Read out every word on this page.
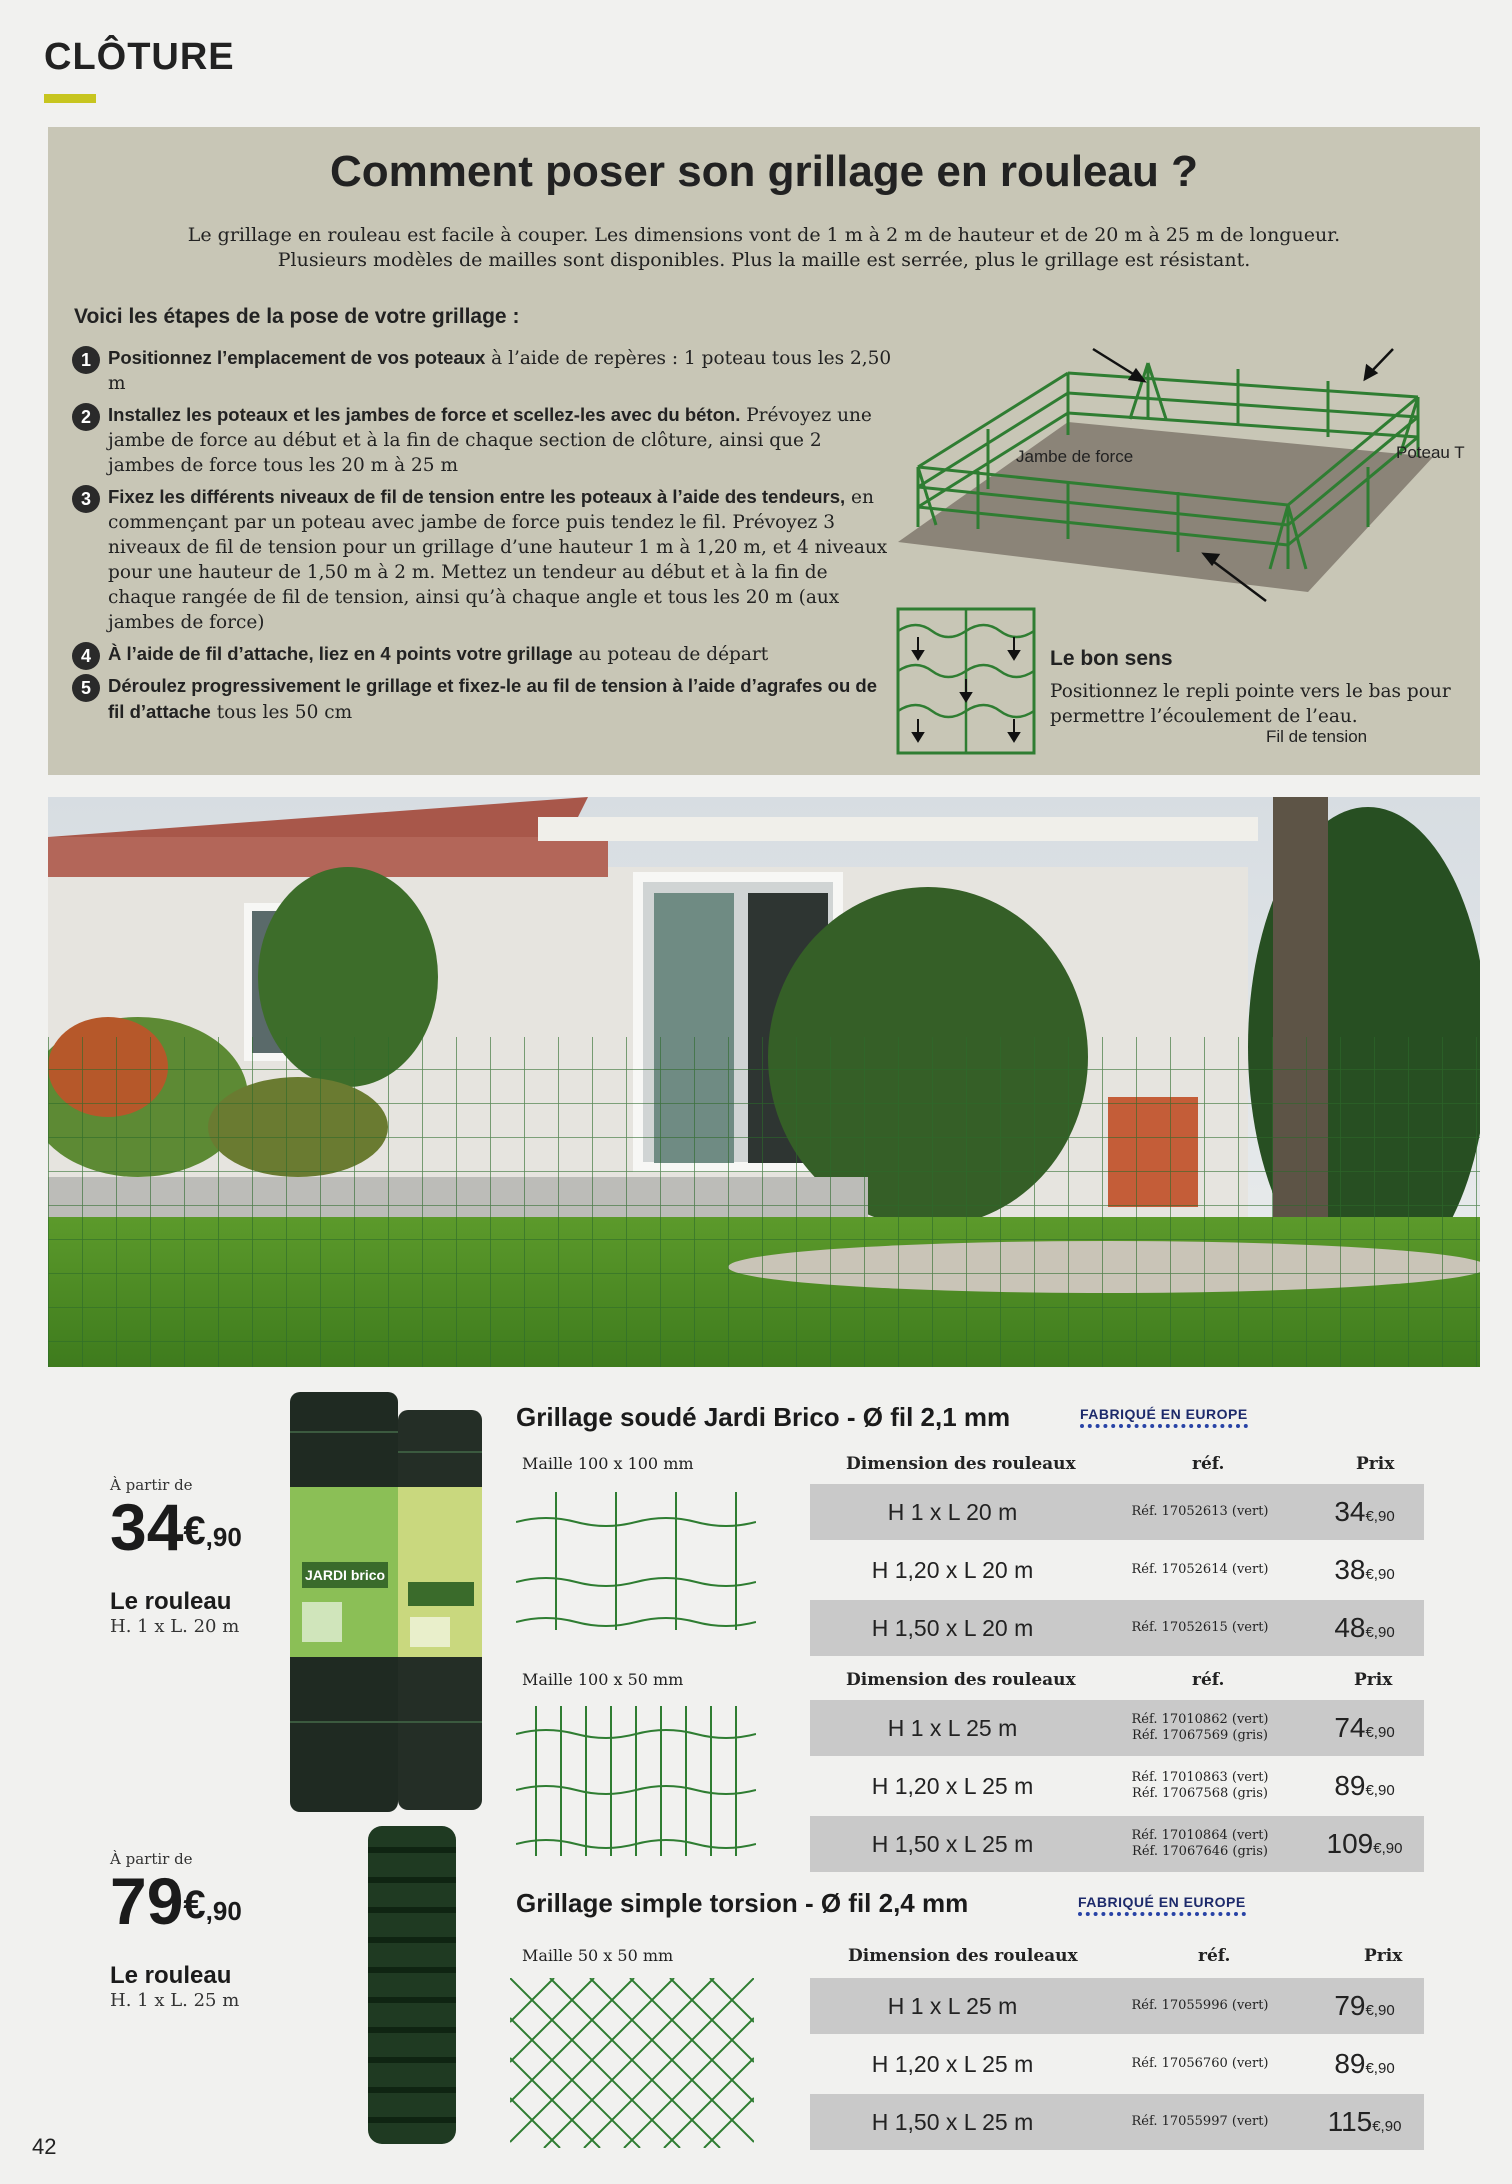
CLÔTURE
Comment poser son grillage en rouleau ?
Le grillage en rouleau est facile à couper. Les dimensions vont de 1 m à 2 m de hauteur et de 20 m à 25 m de longueur. Plusieurs modèles de mailles sont disponibles. Plus la maille est serrée, plus le grillage est résistant.
Voici les étapes de la pose de votre grillage :
1 Positionnez l’emplacement de vos poteaux à l’aide de repères : 1 poteau tous les 2,50 m
2 Installez les poteaux et les jambes de force et scellez-les avec du béton. Prévoyez une jambe de force au début et à la fin de chaque section de clôture, ainsi que 2 jambes de force tous les 20 m à 25 m
3 Fixez les différents niveaux de fil de tension entre les poteaux à l’aide des tendeurs, en commençant par un poteau avec jambe de force puis tendez le fil. Prévoyez 3 niveaux de fil de tension pour un grillage d’une hauteur 1 m à 1,20 m, et 4 niveaux pour une hauteur de 1,50 m à 2 m. Mettez un tendeur au début et à la fin de chaque rangée de fil de tension, ainsi qu’à chaque angle et tous les 20 m (aux jambes de force)
4 À l’aide de fil d’attache, liez en 4 points votre grillage au poteau de départ
5 Déroulez progressivement le grillage et fixez-le au fil de tension à l’aide d’agrafes ou de fil d’attache tous les 50 cm
Jambe de force	Poteau T
Fil de tension
Le bon sens
Positionnez le repli pointe vers le bas pour permettre l’écoulement de l’eau.
JARDI brico
À partir de
34€,90
Le rouleau
H. 1 x L. 20 m
À partir de
79€,90
Le rouleau
H. 1 x L. 25 m
Grillage soudé Jardi Brico - Ø fil 2,1 mm	FABRIQUÉ EN EUROPE
Maille 100 x 100 mm	Dimension des rouleaux	réf.	Prix
H 1 x L 20 m	Réf. 17052613 (vert)	34€,90
H 1,20 x L 20 m	Réf. 17052614 (vert)	38€,90
H 1,50 x L 20 m	Réf. 17052615 (vert)	48€,90
Maille 100 x 50 mm	Dimension des rouleaux	réf.	Prix
H 1 x L 25 m	Réf. 17010862 (vert)
Réf. 17067569 (gris)	74€,90
H 1,20 x L 25 m	Réf. 17010863 (vert)
Réf. 17067568 (gris)	89€,90
H 1,50 x L 25 m	Réf. 17010864 (vert)
Réf. 17067646 (gris)	109€,90
Grillage simple torsion - Ø fil 2,4 mm	FABRIQUÉ EN EUROPE
Maille 50 x 50 mm	Dimension des rouleaux	réf.	Prix
H 1 x L 25 m	Réf. 17055996 (vert)	79€,90
H 1,20 x L 25 m	Réf. 17056760 (vert)	89€,90
H 1,50 x L 25 m	Réf. 17055997 (vert)	115€,90
42
